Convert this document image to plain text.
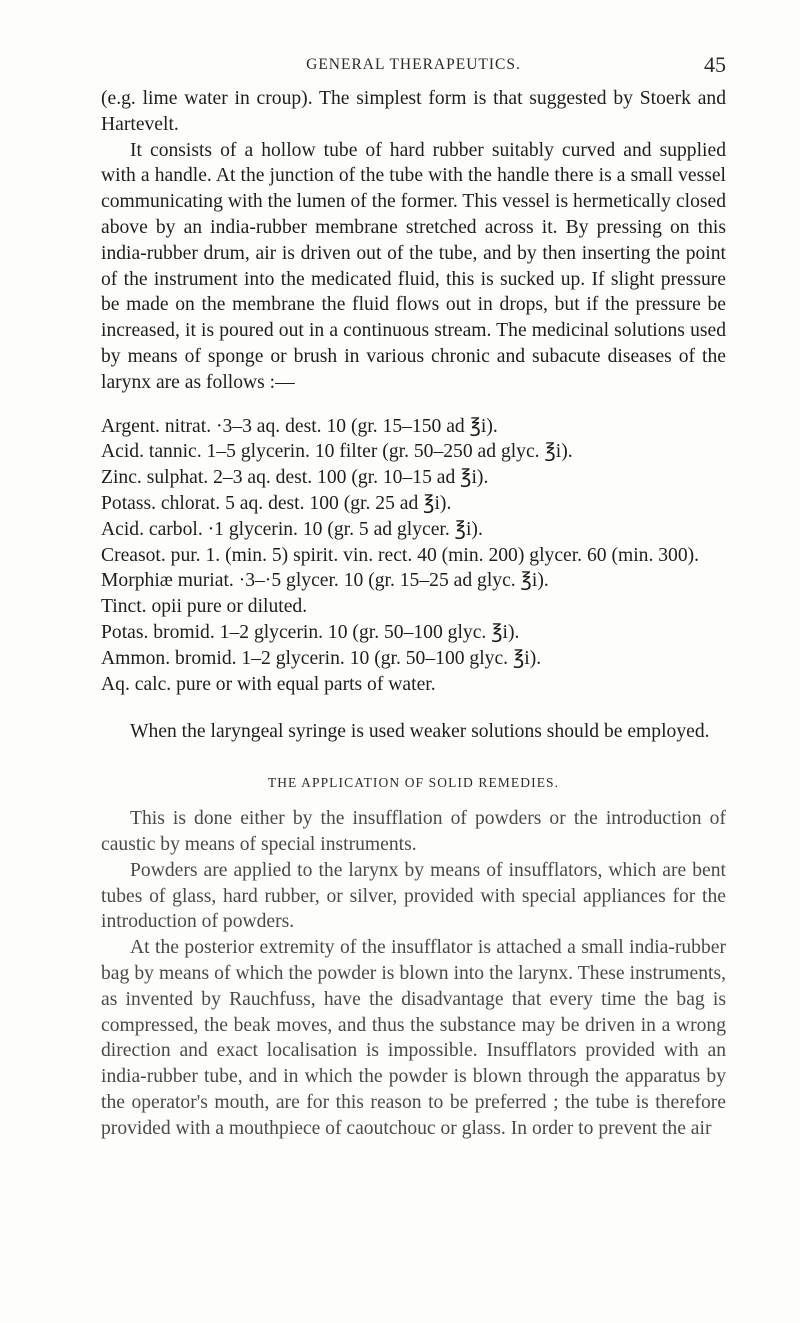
GENERAL THERAPEUTICS.	45

(e.g. lime water in croup). The simplest form is that suggested by Stoerk and Hartevelt.

It consists of a hollow tube of hard rubber suitably curved and supplied with a handle. At the junction of the tube with the handle there is a small vessel communicating with the lumen of the former. This vessel is hermetically closed above by an india-rubber membrane stretched across it. By pressing on this india-rubber drum, air is driven out of the tube, and by then inserting the point of the instrument into the medicated fluid, this is sucked up. If slight pressure be made on the membrane the fluid flows out in drops, but if the pressure be increased, it is poured out in a continuous stream. The medicinal solutions used by means of sponge or brush in various chronic and subacute diseases of the larynx are as follows :—

Argent. nitrat. ·3–3 aq. dest. 10 (gr. 15–150 ad ℥i).
Acid. tannic. 1–5 glycerin. 10 filter (gr. 50–250 ad glyc. ℥i).
Zinc. sulphat. 2–3 aq. dest. 100 (gr. 10–15 ad ℥i).
Potass. chlorat. 5 aq. dest. 100 (gr. 25 ad ℥i).
Acid. carbol. ·1 glycerin. 10 (gr. 5 ad glycer. ℥i).
Creasot. pur. 1. (min. 5) spirit. vin. rect. 40 (min. 200) glycer. 60 (min. 300).
Morphiæ muriat. ·3–·5 glycer. 10 (gr. 15–25 ad glyc. ℥i).
Tinct. opii pure or diluted.
Potas. bromid. 1–2 glycerin. 10 (gr. 50–100 glyc. ℥i).
Ammon. bromid. 1–2 glycerin. 10 (gr. 50–100 glyc. ℥i).
Aq. calc. pure or with equal parts of water.

When the laryngeal syringe is used weaker solutions should be employed.

THE APPLICATION OF SOLID REMEDIES.

This is done either by the insufflation of powders or the introduction of caustic by means of special instruments.

Powders are applied to the larynx by means of insufflators, which are bent tubes of glass, hard rubber, or silver, provided with special appliances for the introduction of powders.

At the posterior extremity of the insufflator is attached a small india-rubber bag by means of which the powder is blown into the larynx. These instruments, as invented by Rauchfuss, have the disadvantage that every time the bag is compressed, the beak moves, and thus the substance may be driven in a wrong direction and exact localisation is impossible. Insufflators provided with an india-rubber tube, and in which the powder is blown through the apparatus by the operator's mouth, are for this reason to be preferred ; the tube is therefore provided with a mouthpiece of caoutchouc or glass. In order to prevent the air
